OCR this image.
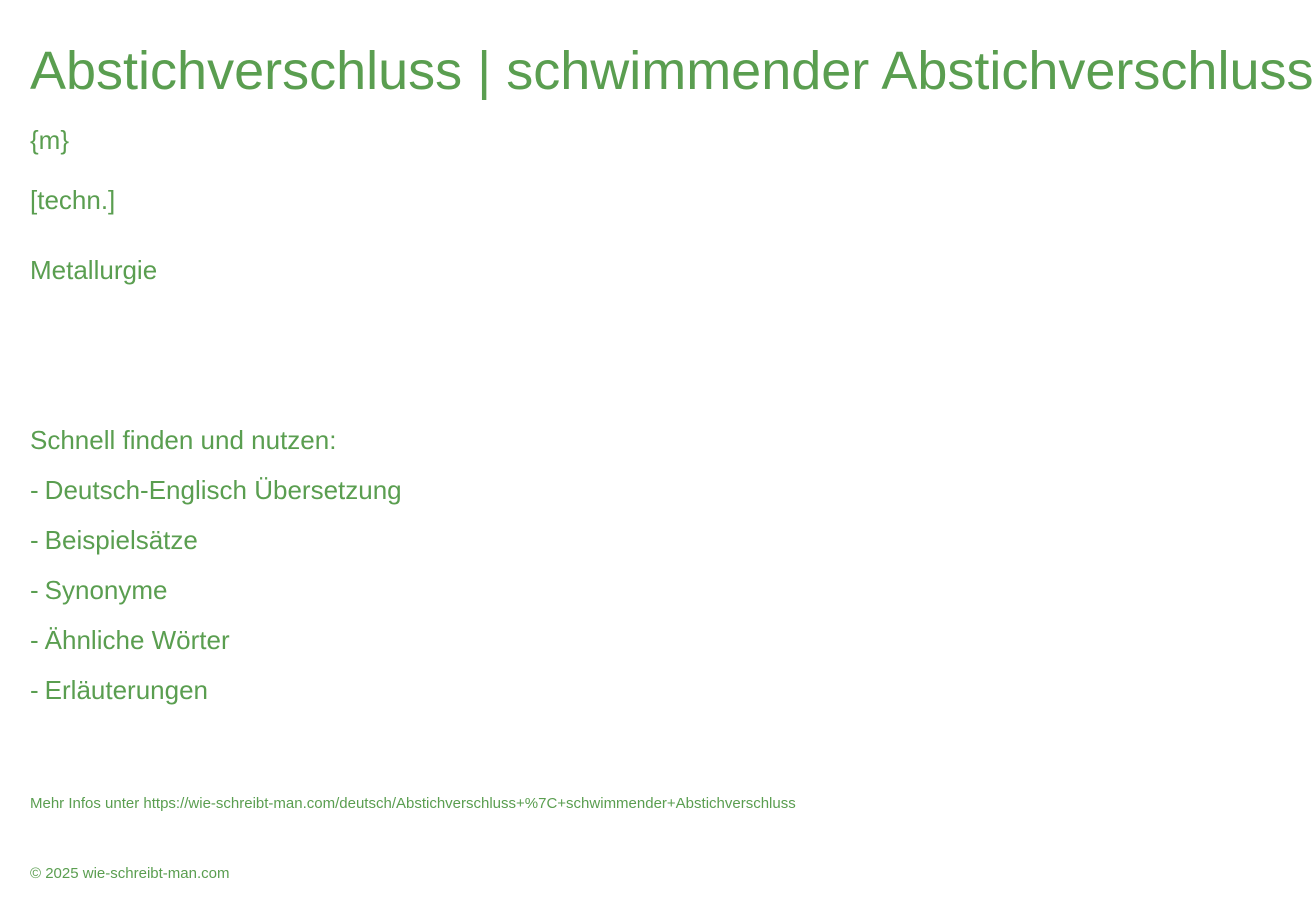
Abstichverschluss | schwimmender Abstichverschluss
{m}
[techn.]
Metallurgie
Schnell finden und nutzen:
- Deutsch-Englisch Übersetzung
- Beispielsätze
- Synonyme
- Ähnliche Wörter
- Erläuterungen
Mehr Infos unter https://wie-schreibt-man.com/deutsch/Abstichverschluss+%7C+schwimmender+Abstichverschluss
© 2025 wie-schreibt-man.com
